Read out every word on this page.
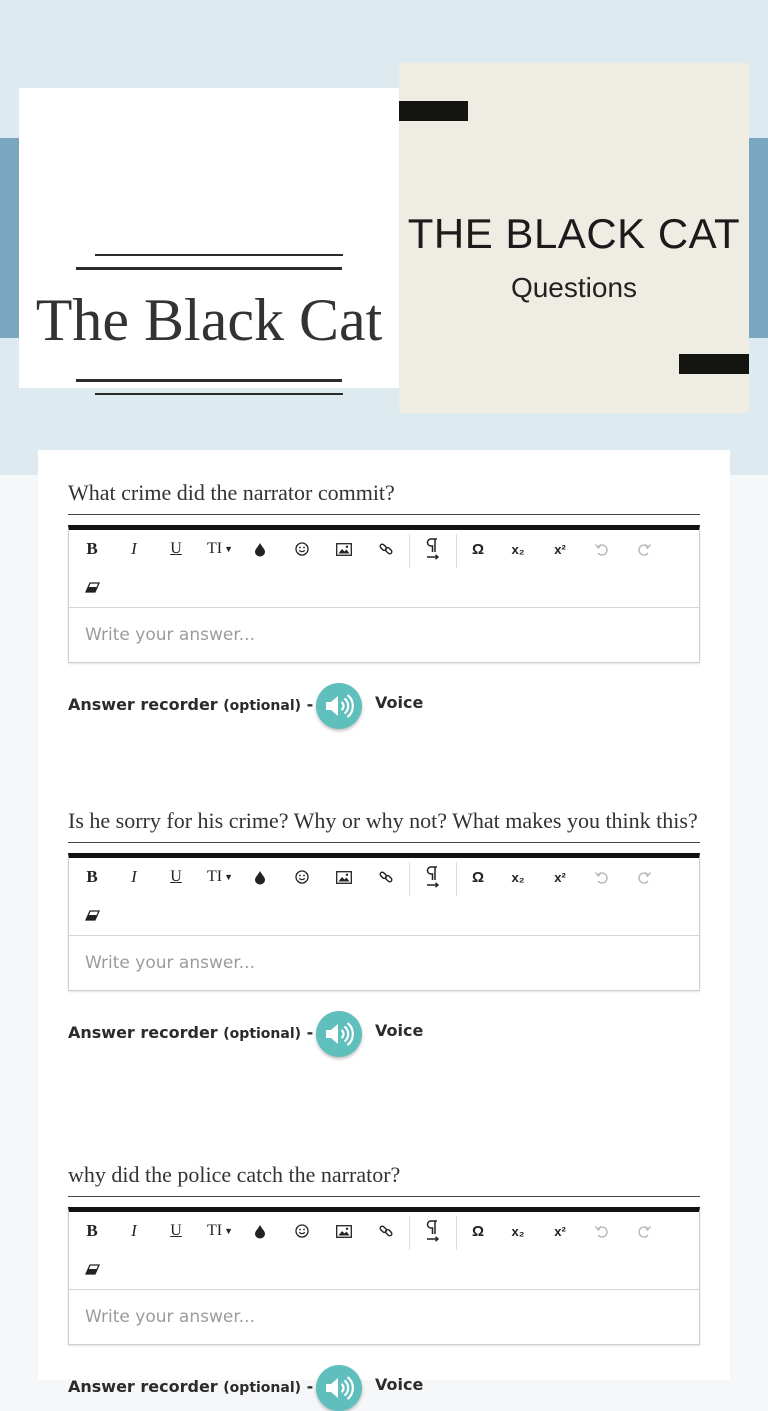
The Black Cat
THE BLACK CAT
Questions
What crime did the narrator commit?
B	I	U	TI ▼	Ω	x₂	x²
Write your answer...
Answer recorder (optional) -	Voice
Is he sorry for his crime? Why or why not? What makes you think this?
B	I	U	TI ▼	Ω	x₂	x²
Write your answer...
Answer recorder (optional) -	Voice
why did the police catch the narrator?
B	I	U	TI ▼	Ω	x₂	x²
Write your answer...
Answer recorder (optional) -	Voice
